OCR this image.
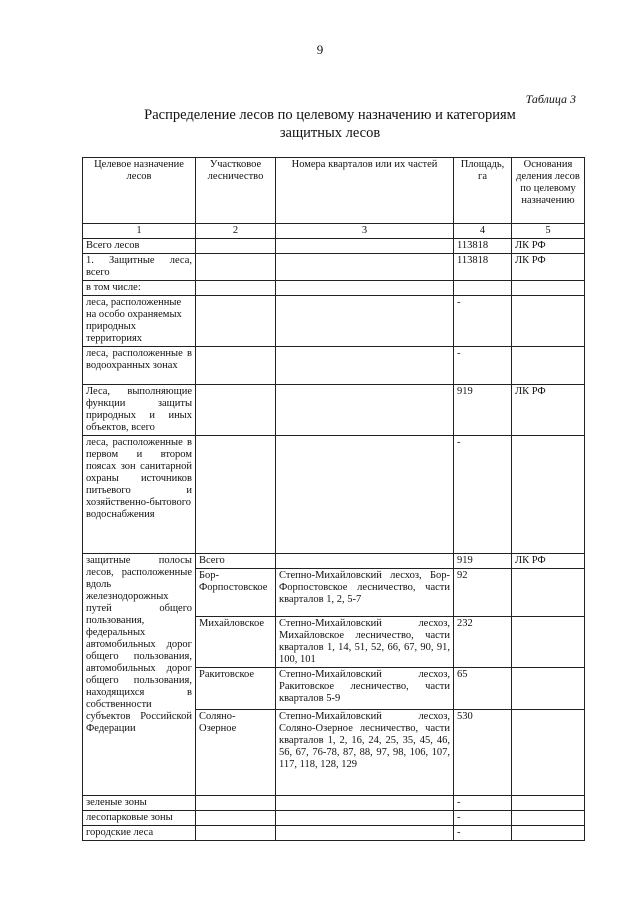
9
Таблица 3
Распределение лесов по целевому назначению и категориям
защитных лесов
Целевое назначение лесов	Участковое лесничество	Номера кварталов или их частей	Площадь, га	Основания деления лесов по целевому назначению
1	2	3	4	5
Всего лесов			113818	ЛК РФ
1. Защитные леса, всего			113818	ЛК РФ
в том числе:				
леса, расположенные на особо охраняемых природных территориях			-	
леса, расположенные в водоохранных зонах			-	
Леса, выполняющие функции защиты природных и иных объектов, всего			919	ЛК РФ
леса, расположенные в первом и втором поясах зон санитарной охраны источников питьевого и хозяйственно-бытового водоснабжения			-	
защитные полосы лесов, расположенные вдоль железнодорожных путей общего пользования, федеральных автомобильных дорог общего пользования, автомобильных дорог общего пользования, находящихся в собственности субъектов Российской Федерации	Всего		919	ЛК РФ
	Бор-Форпостовское	Степно-Михайловский лесхоз, Бор-Форпостовское лесничество, части кварталов 1, 2, 5-7	92	
	Михайловское	Степно-Михайловский лесхоз, Михайловское лесничество, части кварталов 1, 14, 51, 52, 66, 67, 90, 91, 100, 101	232	
	Ракитовское	Степно-Михайловский лесхоз, Ракитовское лесничество, части кварталов 5-9	65	
	Соляно-Озерное	Степно-Михайловский лесхоз, Соляно-Озерное лесничество, части кварталов 1, 2, 16, 24, 25, 35, 45, 46, 56, 67, 76-78, 87, 88, 97, 98, 106, 107, 117, 118, 128, 129	530	
зеленые зоны			-	
лесопарковые зоны			-	
городские леса			-	
